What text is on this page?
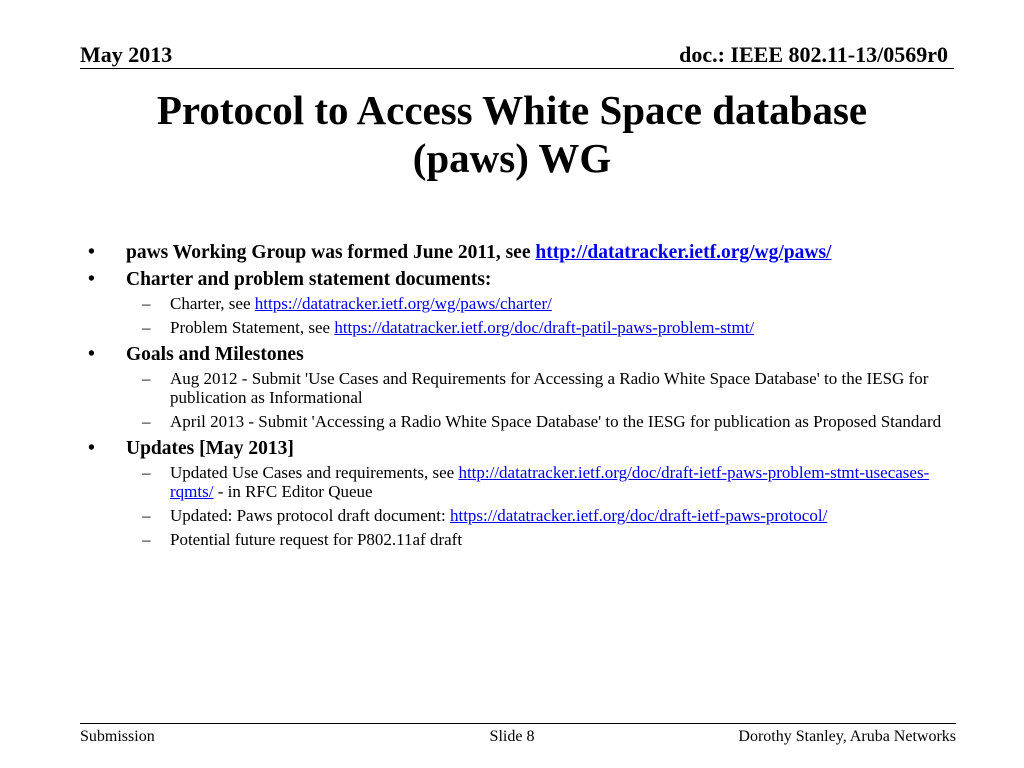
May 2013	doc.: IEEE 802.11-13/0569r0
Protocol to Access White Space database
(paws) WG
• paws Working Group was formed June 2011, see http://datatracker.ietf.org/wg/paws/
• Charter and problem statement documents:
– Charter, see https://datatracker.ietf.org/wg/paws/charter/
– Problem Statement, see https://datatracker.ietf.org/doc/draft-patil-paws-problem-stmt/
• Goals and Milestones
– Aug 2012 - Submit 'Use Cases and Requirements for Accessing a Radio White Space Database' to the IESG for publication as Informational
– April 2013 - Submit 'Accessing a Radio White Space Database' to the IESG for publication as Proposed Standard
• Updates [May 2013]
– Updated Use Cases and requirements, see http://datatracker.ietf.org/doc/draft-ietf-paws-problem-stmt-usecases-rqmts/ - in RFC Editor Queue
– Updated: Paws protocol draft document: https://datatracker.ietf.org/doc/draft-ietf-paws-protocol/
– Potential future request for P802.11af draft
Submission	Slide 8	Dorothy Stanley, Aruba Networks
